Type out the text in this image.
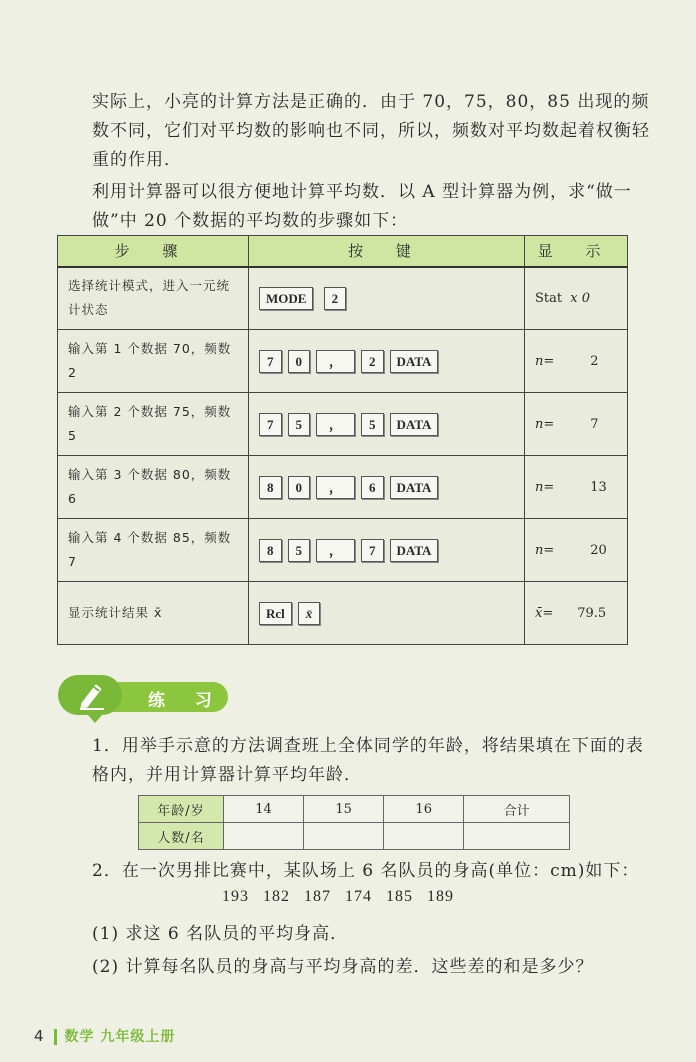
实际上，小亮的计算方法是正确的．由于 70，75，80，85 出现的频数不同，它们对平均数的影响也不同，所以，频数对平均数起着权衡轻重的作用．
利用计算器可以很方便地计算平均数．以 A 型计算器为例，求“做一做”中 20 个数据的平均数的步骤如下：
步 骤	按 键	显 示
选择统计模式，进入一元统计状态	MODE 2	Stat x 0
输入第 1 个数据 70，频数 2	7 0 ， 2 DATA	n= 2
输入第 2 个数据 75，频数 5	7 5 ， 5 DATA	n= 7
输入第 3 个数据 80，频数 6	8 0 ， 6 DATA	n= 13
输入第 4 个数据 85，频数 7	8 5 ， 7 DATA	n= 20
显示统计结果 x̄	Rcl x̄	x̄= 79.5
练 习
1．用举手示意的方法调查班上全体同学的年龄，将结果填在下面的表格内，并用计算器计算平均年龄．
年龄/岁	14	15	16	合计
人数/名				
2．在一次男排比赛中，某队场上 6 名队员的身高(单位：cm)如下：
193 182 187 174 185 189
(1) 求这 6 名队员的平均身高．
(2) 计算每名队员的身高与平均身高的差．这些差的和是多少？
4 数学 九年级上册
